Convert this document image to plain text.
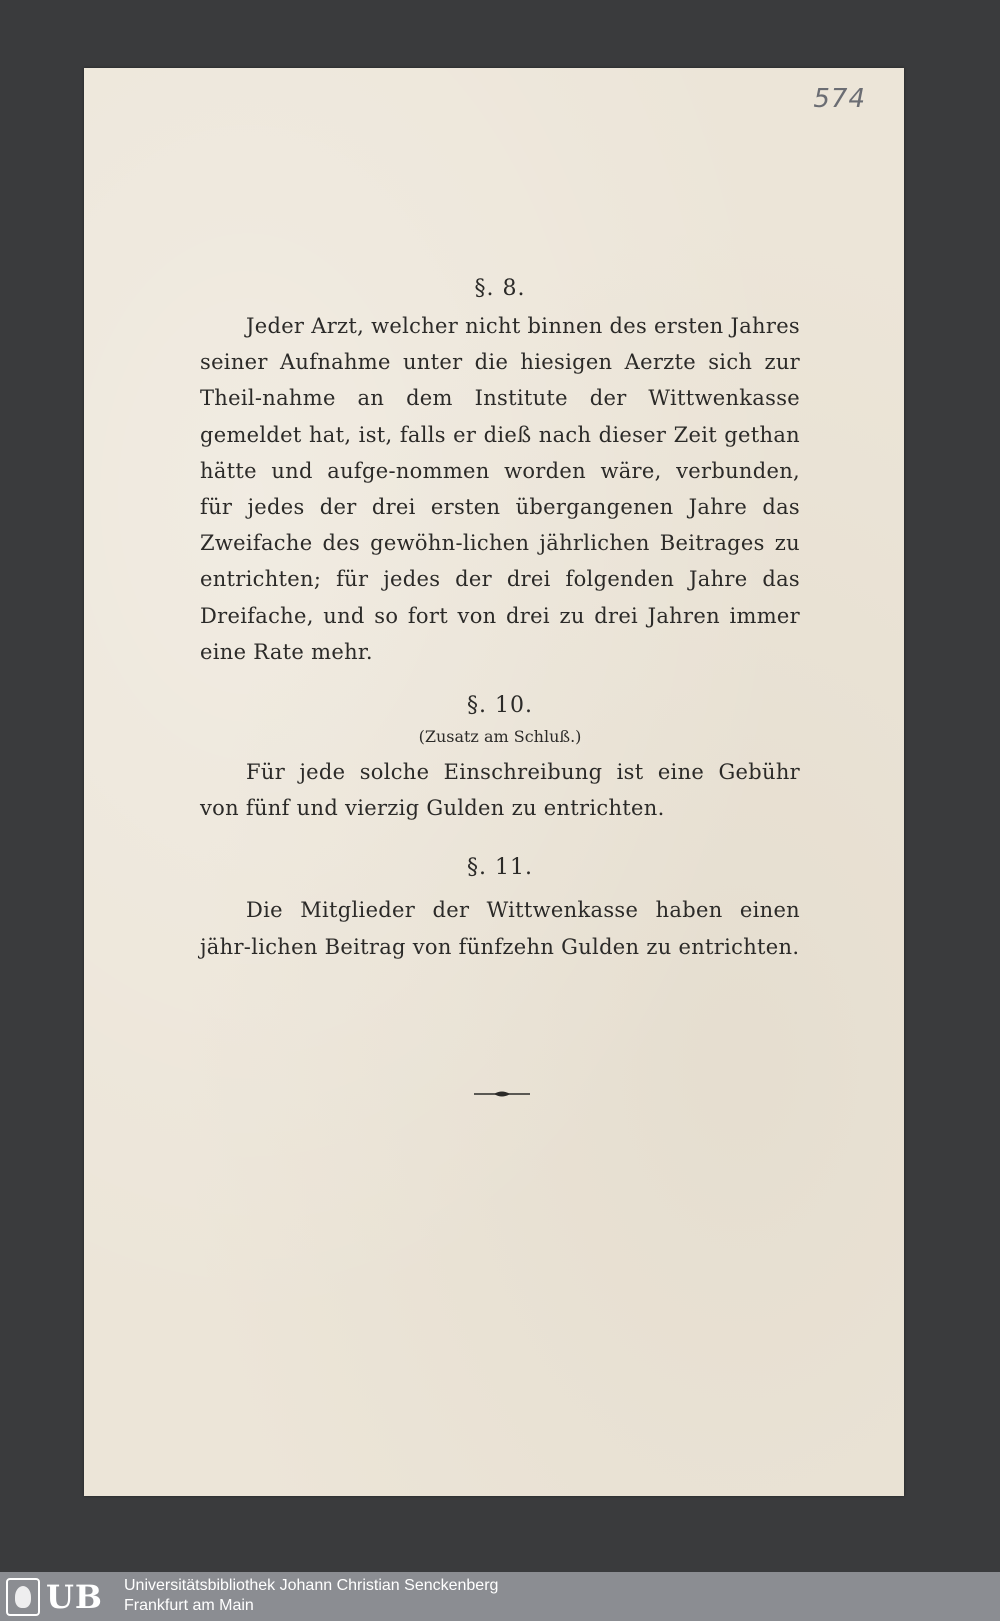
574

§. 8.

Jeder Arzt, welcher nicht binnen des ersten Jahres seiner Aufnahme unter die hiesigen Aerzte sich zur Theil-nahme an dem Institute der Wittwenkasse gemeldet hat, ist, falls er dieß nach dieser Zeit gethan hätte und aufge-nommen worden wäre, verbunden, für jedes der drei ersten übergangenen Jahre das Zweifache des gewöhn-lichen jährlichen Beitrages zu entrichten; für jedes der drei folgenden Jahre das Dreifache, und so fort von drei zu drei Jahren immer eine Rate mehr.

§. 10.

(Zusatz am Schluß.)

Für jede solche Einschreibung ist eine Gebühr von fünf und vierzig Gulden zu entrichten.

§. 11.

Die Mitglieder der Wittwenkasse haben einen jähr-lichen Beitrag von fünfzehn Gulden zu entrichten.

UB Universitätsbibliothek Johann Christian Senckenberg
Frankfurt am Main
